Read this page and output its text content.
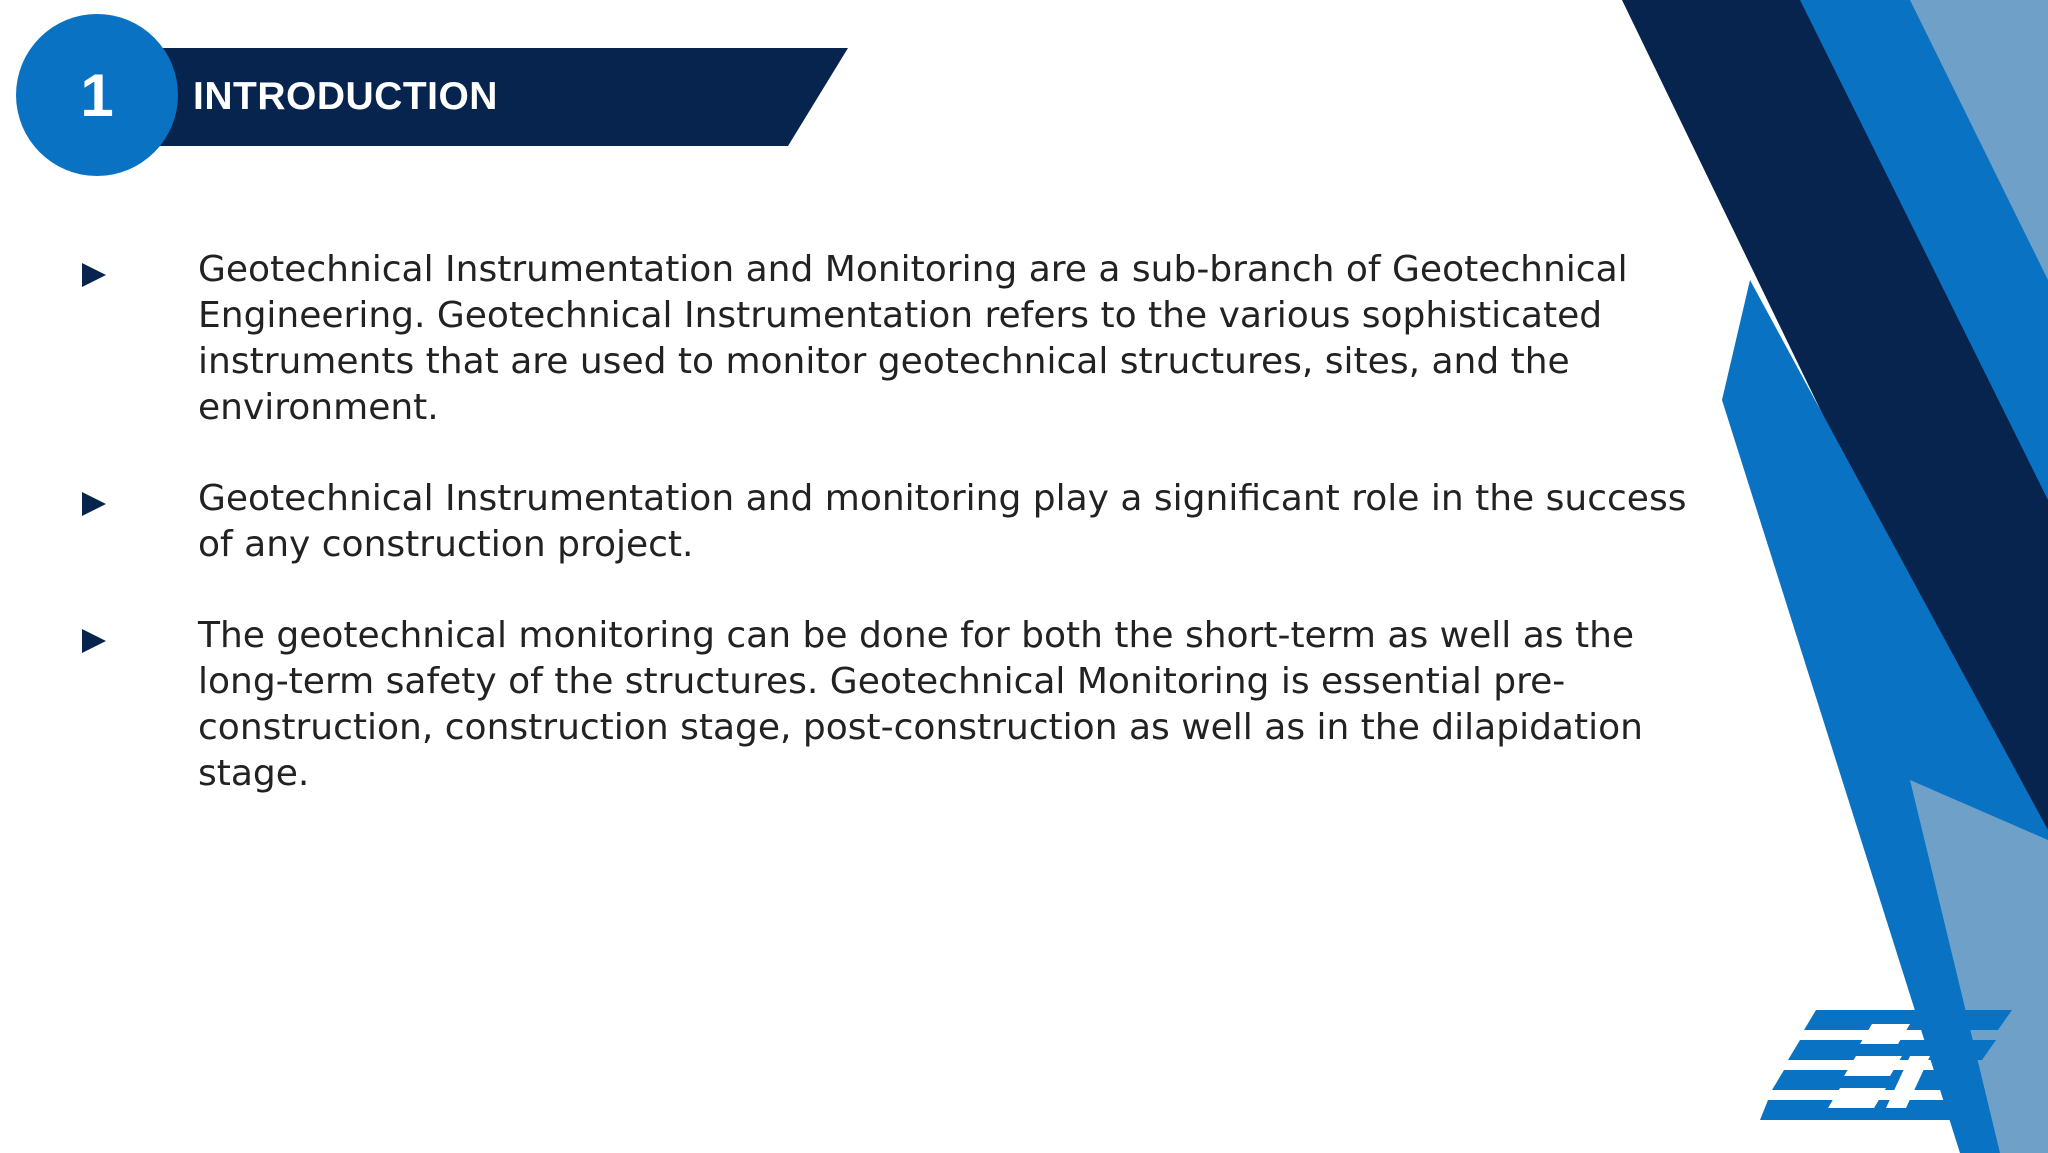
1	INTRODUCTION
Geotechnical Instrumentation and Monitoring are a sub-branch of Geotechnical Engineering. Geotechnical Instrumentation refers to the various sophisticated instruments that are used to monitor geotechnical structures, sites, and the environment.
Geotechnical Instrumentation and monitoring play a significant role in the success of any construction project.
The geotechnical monitoring can be done for both the short-term as well as the long-term safety of the structures. Geotechnical Monitoring is essential pre-construction, construction stage, post-construction as well as in the dilapidation stage.
